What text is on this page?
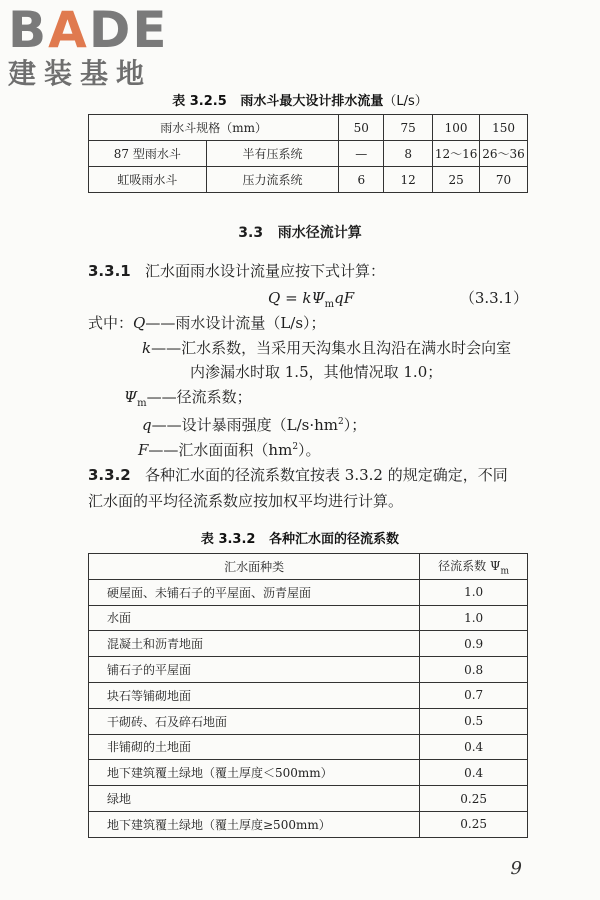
BADE
建装基地
表 3.2.5 雨水斗最大设计排水流量（L/s）
雨水斗规格（mm）		50	75	100	150
87 型雨水斗	半有压系统	—	8	12～16	26～36
虹吸雨水斗	压力流系统	6	12	25	70
3.3 雨水径流计算
3.3.1 汇水面雨水设计流量应按下式计算：
$Q = k\Psi_mqF$	（3.3.1）
式中：Q——雨水设计流量（L/s）；
k——汇水系数，当采用天沟集水且沟沿在满水时会向室
内渗漏水时取 1.5，其他情况取 1.0；
$\Psi_m——$径流系数；
q——设计暴雨强度$(L/s\cdot hm^2)$；
F——汇水面面积$(hm^2)$。
3.3.2 各种汇水面的径流系数宜按表 3.3.2 的规定确定，不同
汇水面的平均径流系数应按加权平均进行计算。
表 3.3.2 各种汇水面的径流系数
汇水面种类	径流系数 $\Psi_m$
硬屋面、未铺石子的平屋面、沥青屋面	1.0
水面	1.0
混凝土和沥青地面	0.9
铺石子的平屋面	0.8
块石等铺砌地面	0.7
干砌砖、石及碎石地面	0.5
非铺砌的土地面	0.4
地下建筑覆土绿地（覆土厚度＜500mm）	0.4
绿地	0.25
地下建筑覆土绿地（覆土厚度≥500mm）	0.25
9
